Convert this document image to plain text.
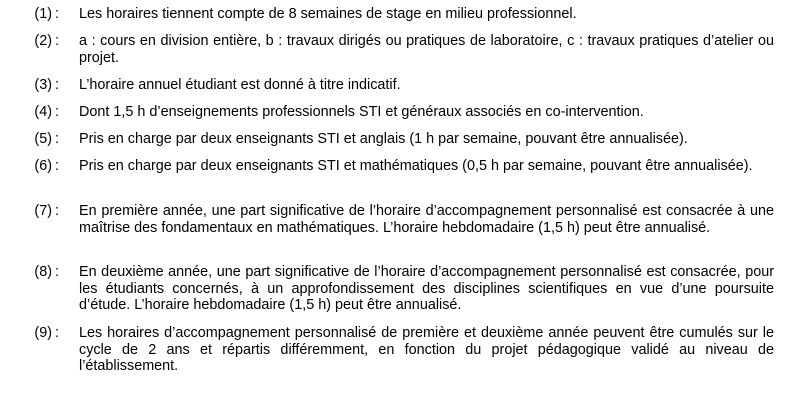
(1) :	Les horaires tiennent compte de 8 semaines de stage en milieu professionnel.
(2) :	a : cours en division entière, b : travaux dirigés ou pratiques de laboratoire, c : travaux pratiques d’atelier ou projet.
(3) :	L’horaire annuel étudiant est donné à titre indicatif.
(4) :	Dont 1,5 h d’enseignements professionnels STI et généraux associés en co-intervention.
(5) :	Pris en charge par deux enseignants STI et anglais (1 h par semaine, pouvant être annualisée).
(6) :	Pris en charge par deux enseignants STI et mathématiques (0,5 h par semaine, pouvant être annualisée).
(7) :	En première année, une part significative de l’horaire d’accompagnement personnalisé est consacrée à une maîtrise des fondamentaux en mathématiques. L’horaire hebdomadaire (1,5 h) peut être annualisé.
(8) :	En deuxième année, une part significative de l’horaire d’accompagnement personnalisé est consacrée, pour les étudiants concernés, à un approfondissement des disciplines scientifiques en vue d’une poursuite d’étude. L’horaire hebdomadaire (1,5 h) peut être annualisé.
(9) :	Les horaires d’accompagnement personnalisé de première et deuxième année peuvent être cumulés sur le cycle de 2 ans et répartis différemment, en fonction du projet pédagogique validé au niveau de l’établissement.
